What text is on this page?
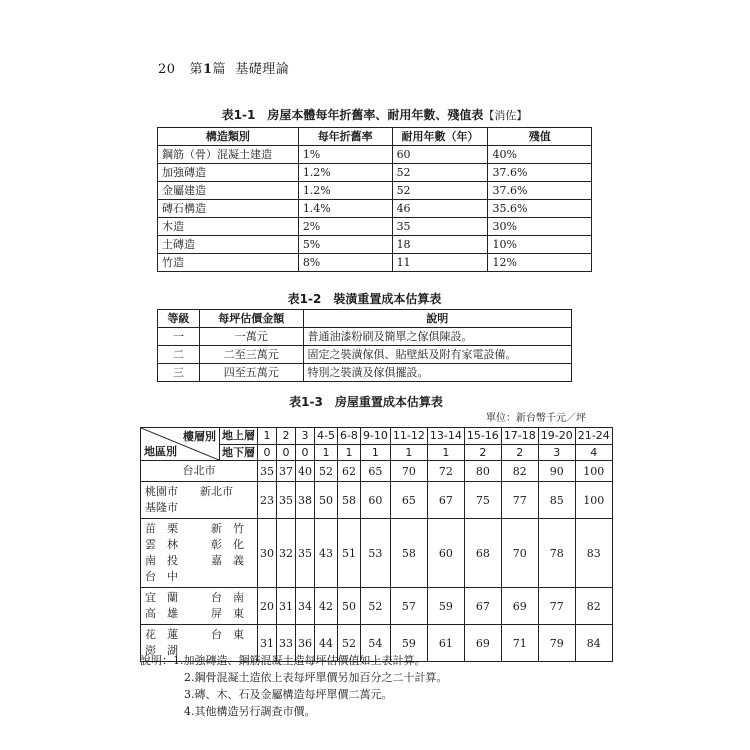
20 第1篇 基礎理論
表1-1　房屋本體每年折舊率、耐用年數、殘值表【消佐】
構造類別	每年折舊率	耐用年數（年）	殘值
鋼筋（骨）混凝土建造	1%	60	40%
加強磚造	1.2%	52	37.6%
金屬建造	1.2%	52	37.6%
磚石構造	1.4%	46	35.6%
木造	2%	35	30%
土磚造	5%	18	10%
竹造	8%	11	12%
表1-2　裝潢重置成本估算表
等級	每坪估價金額	說明
一	一萬元	普通油漆粉刷及簡單之傢俱陳設。
二	二至三萬元	固定之裝潢傢俱、貼壁紙及附有家電設備。
三	四至五萬元	特別之裝潢及傢俱擺設。
表1-3　房屋重置成本估算表
單位：新台幣千元／坪
樓層別
地區別	地上層	1	2	3	4-5	6-8	9-10	11-12	13-14	15-16	17-18	19-20	21-24
	地下層	0	0	0	1	1	1	1	1	2	2	3	4

台北市		35	37	40	52	62	65	70	72	80	82	90	100

桃園市　　新北市
基隆市		23	35	38	50	58	60	65	67	75	77	85	100

苗　栗　　　新　竹
雲　林　　　彰　化
南　投　　　嘉　義
台　中		30	32	35	43	51	53	58	60	68	70	78	83

宜　蘭　　　台　南
高　雄　　　屏　東		20	31	34	42	50	52	57	59	67	69	77	82

花　蓮　　　台　東
澎　湖		31	33	36	44	52	54	59	61	69	71	79	84
說明：1.加強磚造、鋼筋混凝土造每坪估價值如上表計算。
2.鋼骨混凝土造依上表每坪單價另加百分之二十計算。
3.磚、木、石及金屬構造每坪單價二萬元。
4.其他構造另行調查市價。
